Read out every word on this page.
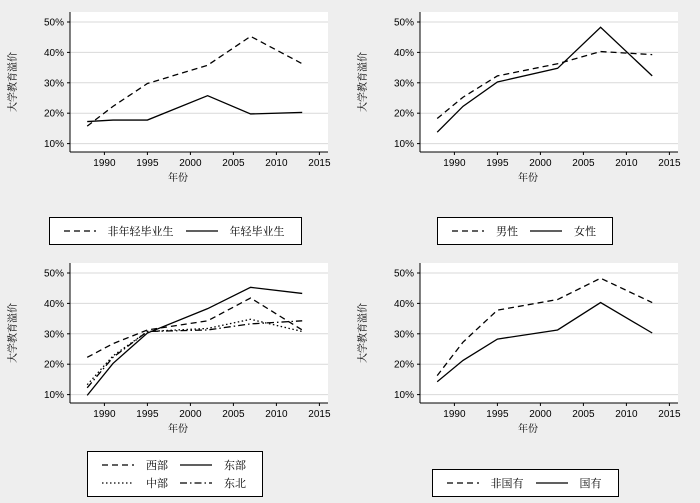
10%
20%
30%
40%
50%
1990 1995 2000 2005 2010 2015
年份
大学教育溢价
	非年轻毕业生		年轻毕业生
10%
20%
30%
40%
50%
1990 1995 2000 2005 2010 2015
年份
大学教育溢价
	男性		女性
10%
20%
30%
40%
50%
1990 1995 2000 2005 2010 2015
年份
大学教育溢价
	西部		东部

	中部		东北
10%
20%
30%
40%
50%
1990 1995 2000 2005 2010 2015
年份
大学教育溢价
	非国有		国有
